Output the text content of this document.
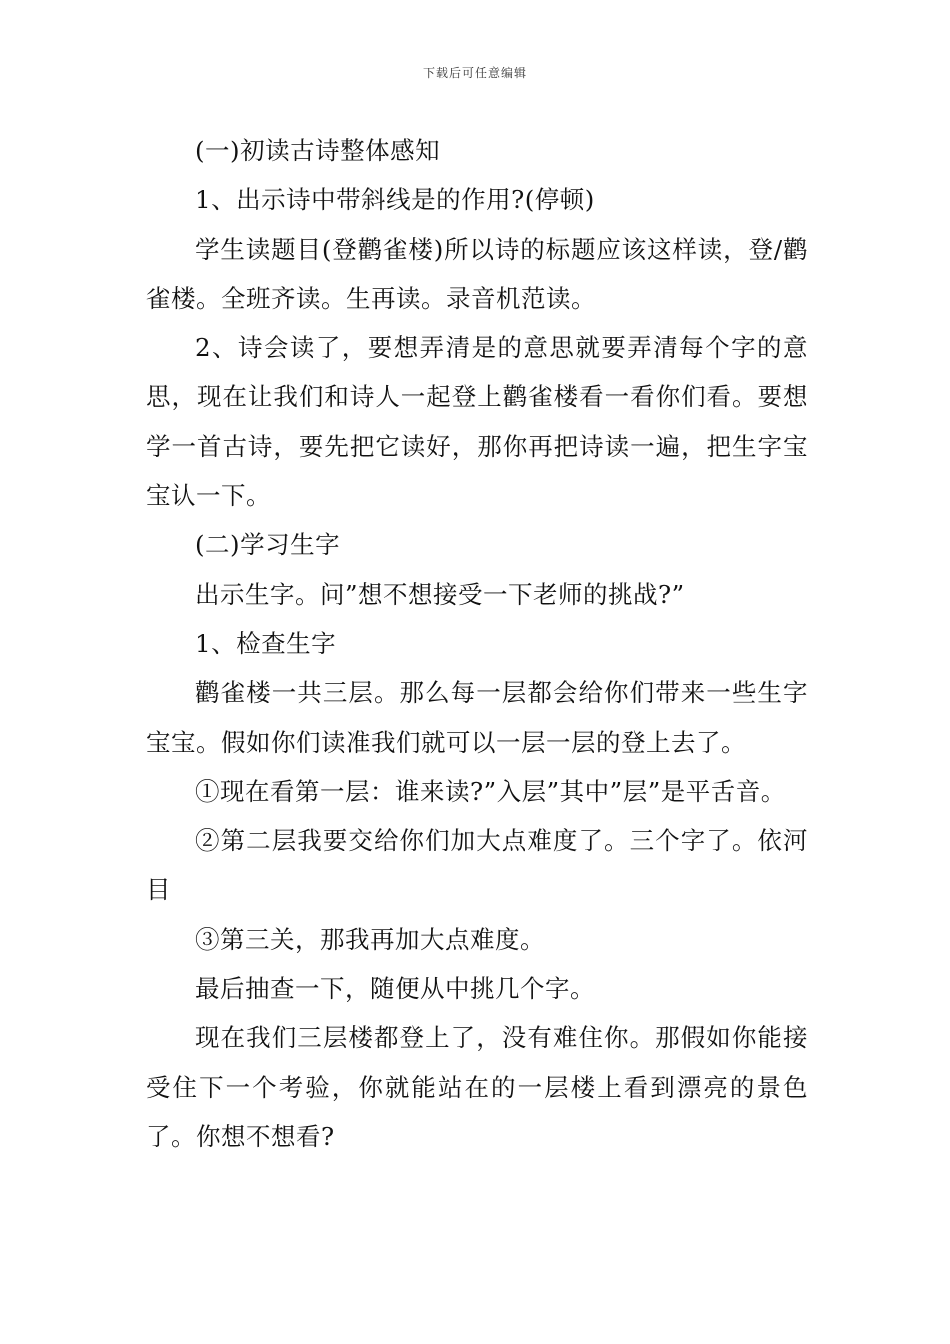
下载后可任意编辑

(一)初读古诗整体感知

1、出示诗中带斜线是的作用?(停顿)

学生读题目(登鹳雀楼)所以诗的标题应该这样读，登/鹳雀楼。全班齐读。生再读。录音机范读。

2、诗会读了，要想弄清是的意思就要弄清每个字的意思，现在让我们和诗人一起登上鹳雀楼看一看你们看。要想学一首古诗，要先把它读好，那你再把诗读一遍，把生字宝宝认一下。

(二)学习生字

出示生字。问”想不想接受一下老师的挑战?”

1、检查生字

鹳雀楼一共三层。那么每一层都会给你们带来一些生字宝宝。假如你们读准我们就可以一层一层的登上去了。

①现在看第一层：谁来读?”入层”其中”层”是平舌音。

②第二层我要交给你们加大点难度了。三个字了。依河目

③第三关，那我再加大点难度。

最后抽查一下，随便从中挑几个字。

现在我们三层楼都登上了，没有难住你。那假如你能接受住下一个考验，你就能站在的一层楼上看到漂亮的景色了。你想不想看?
